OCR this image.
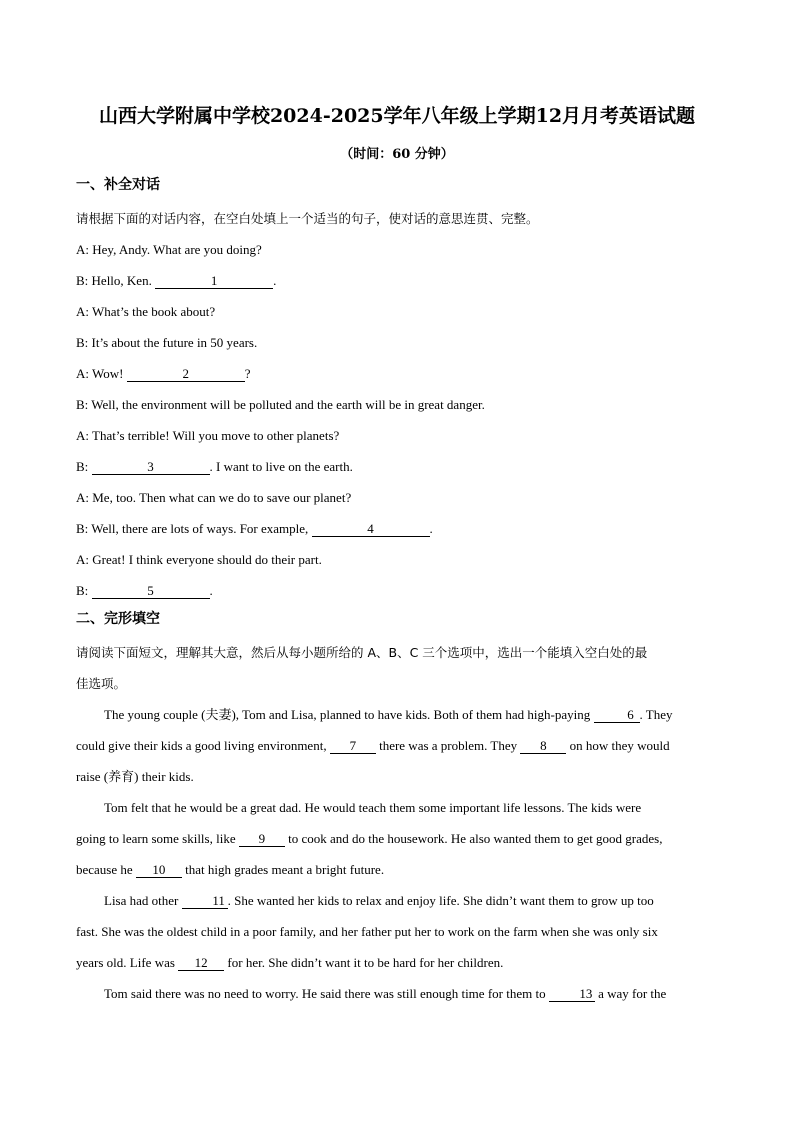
山西大学附属中学校2024-2025学年八年级上学期12月月考英语试题
（时间：60 分钟）
一、补全对话
请根据下面的对话内容，在空白处填上一个适当的句子，使对话的意思连贯、完整。
A: Hey, Andy. What are you doing?
B: Hello, Ken.	1	.
A: What’s the book about?
B: It’s about the future in 50 years.
A: Wow!	2	?
B: Well, the environment will be polluted and the earth will be in great danger.
A: That’s terrible! Will you move to other planets?
B:	3	. I want to live on the earth.
A: Me, too. Then what can we do to save our planet?
B: Well, there are lots of ways. For example,	4	.
A: Great! I think everyone should do their part.
B:	5	.
二、完形填空
请阅读下面短文，理解其大意，然后从每小题所给的 A、B、C 三个选项中，选出一个能填入空白处的最
佳选项。
The young couple (夫妻), Tom and Lisa, planned to have kids. Both of them had high-paying	6 . They
could give their kids a good living environment, 7 there was a problem. They 8 on how they would
raise (养育) their kids.
Tom felt that he would be a great dad. He would teach them some important life lessons. The kids were
going to learn some skills, like 9 to cook and do the housework. He also wanted them to get good grades,
because he 10 that high grades meant a bright future.
Lisa had other 11 . She wanted her kids to relax and enjoy life. She didn’t want them to grow up too
fast. She was the oldest child in a poor family, and her father put her to work on the farm when she was only six
years old. Life was 12 for her. She didn’t want it to be hard for her children.
Tom said there was no need to worry. He said there was still enough time for them to 13 a way for the
